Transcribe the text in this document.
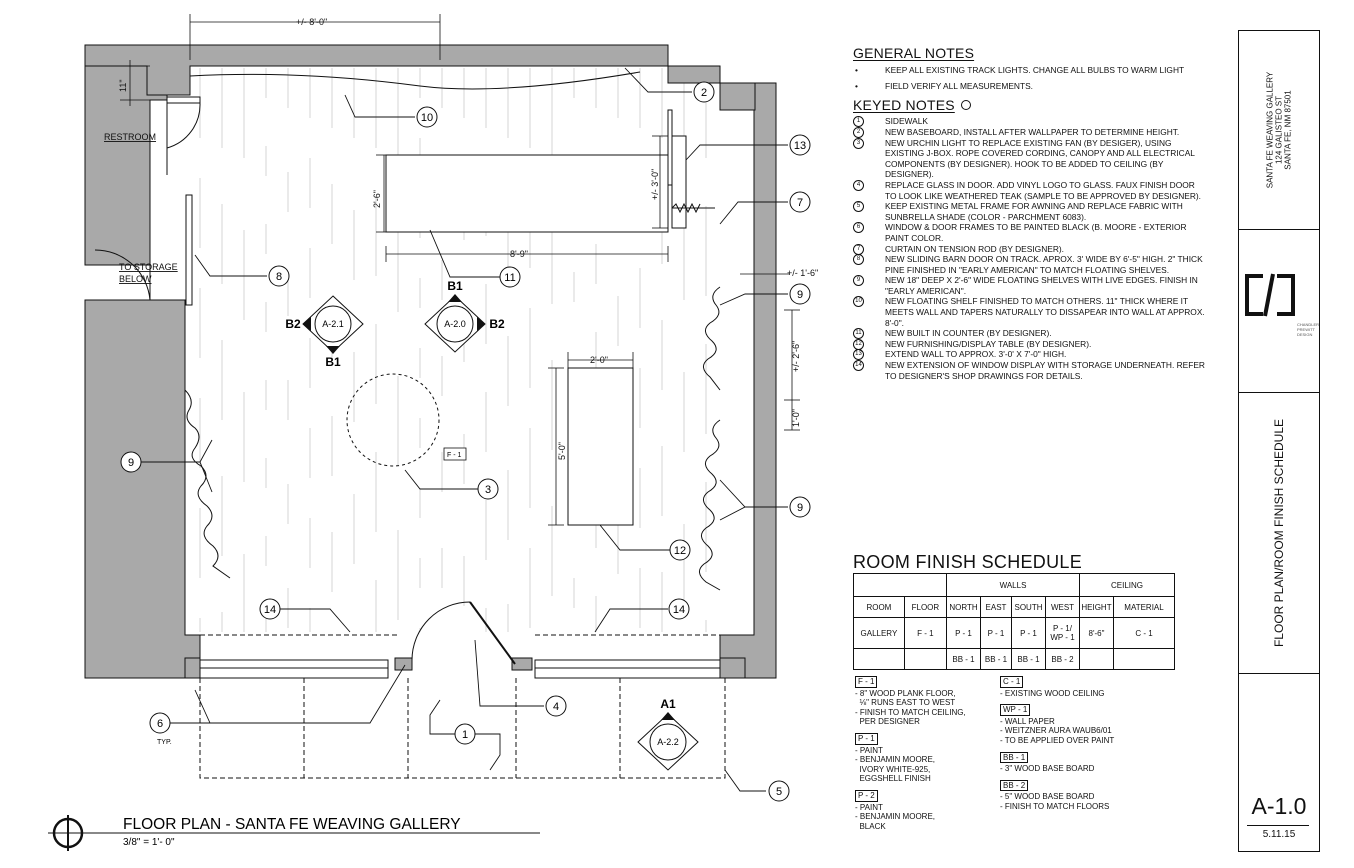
+/- 8'-0"
11"
2'-6"
8'-9"
+/- 3'-0"
+/- 1'-6"
+/- 2'-6"
1'-0"
2'-0"
5'-0"
RESTROOM
TO STORAGE
BELOW
F - 1
1
2
3
4
5
6
7
8
10
11
12
13
9
9
9
14	14
A-2.1
B1
B2	A-2.0
B1
B2
A-2.2
A1
FLOOR PLAN - SANTA FE WEAVING GALLERY
3/8" = 1'- 0"
TYP.
GENERAL NOTES
• KEEP ALL EXISTING TRACK LIGHTS. CHANGE ALL BULBS TO WARM LIGHT
• FIELD VERIFY ALL MEASUREMENTS.
KEYED NOTES
1	SIDEWALK
2	NEW BASEBOARD, INSTALL AFTER WALLPAPER TO DETERMINE HEIGHT.
3	NEW URCHIN LIGHT TO REPLACE EXISTING FAN (BY DESIGER), USING EXISTING J-BOX. ROPE COVERED CORDING, CANOPY AND ALL ELECTRICAL COMPONENTS (BY DESIGNER). HOOK TO BE ADDED TO CEILING (BY DESIGNER).
4	REPLACE GLASS IN DOOR. ADD VINYL LOGO TO GLASS. FAUX FINISH DOOR TO LOOK LIKE WEATHERED TEAK (SAMPLE TO BE APPROVED BY DESIGNER).
5	KEEP EXISTING METAL FRAME FOR AWNING AND REPLACE FABRIC WITH SUNBRELLA SHADE (COLOR - PARCHMENT 6083).
6	WINDOW & DOOR FRAMES TO BE PAINTED BLACK (B. MOORE - EXTERIOR PAINT COLOR.
7	CURTAIN ON TENSION ROD (BY DESIGNER).
8	NEW SLIDING BARN DOOR ON TRACK. APROX. 3' WIDE BY 6'-5" HIGH. 2" THICK PINE FINISHED IN "EARLY AMERICAN" TO MATCH FLOATING SHELVES.
9	NEW 18" DEEP X 2'-6" WIDE FLOATING SHELVES WITH LIVE EDGES. FINISH IN "EARLY AMERICAN".
10	NEW FLOATING SHELF FINISHED TO MATCH OTHERS. 11" THICK WHERE IT MEETS WALL AND TAPERS NATURALLY TO DISSAPEAR INTO WALL AT APPROX. 8'-0".
11	NEW BUILT IN COUNTER (BY DESIGNER).
12	NEW FURNISHING/DISPLAY TABLE (BY DESIGNER).
13	EXTEND WALL TO APPROX. 3'-0' X 7'-0" HIGH.
14	NEW EXTENSION OF WINDOW DISPLAY WITH STORAGE UNDERNEATH. REFER TO DESIGNER'S SHOP DRAWINGS FOR DETAILS.
ROOM FINISH SCHEDULE
		WALLS				CEILING	
ROOM	FLOOR	NORTH	EAST	SOUTH	WEST	HEIGHT	MATERIAL
GALLERY	F - 1	P - 1	P - 1	P - 1	P - 1/ WP - 1	8'-6"	C - 1
		BB - 1	BB - 1	BB - 1	BB - 2		
F - 1
- 8" WOOD PLANK FLOOR,
⅛" RUNS EAST TO WEST
- FINISH TO MATCH CEILING,
PER DESIGNER
P - 1
- PAINT
- BENJAMIN MOORE,
IVORY WHITE-925,
EGGSHELL FINISH
P - 2
- PAINT
- BENJAMIN MOORE,
BLACK
C - 1
- EXISTING WOOD CEILING
WP - 1
- WALL PAPER
- WEITZNER AURA WAUB6/01
- TO BE APPLIED OVER PAINT
BB - 1
- 3" WOOD BASE BOARD
BB - 2
- 5" WOOD BASE BOARD
- FINISH TO MATCH FLOORS
SANTA FE WEAVING GALLERY 124 GALISTEO ST SANTA FE, NM 87501
CHANDLER
PREWITT
DESIGN
FLOOR PLAN/ROOM FINISH SCHEDULE
A-1.0
5.11.15
